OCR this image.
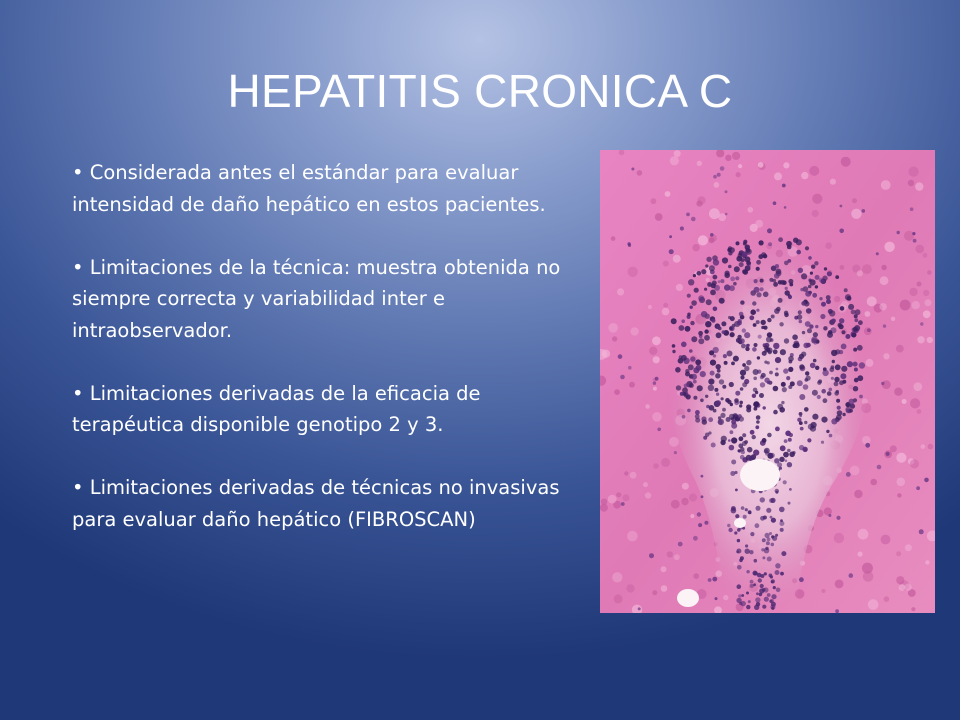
HEPATITIS CRONICA C
• Considerada antes el estándar para evaluar intensidad de daño hepático en estos pacientes.
• Limitaciones de la técnica: muestra obtenida no siempre correcta y variabilidad inter e intraobservador.
• Limitaciones derivadas de la eficacia de terapéutica disponible genotipo 2 y 3.
• Limitaciones derivadas de técnicas no invasivas para evaluar daño hepático (FIBROSCAN)
